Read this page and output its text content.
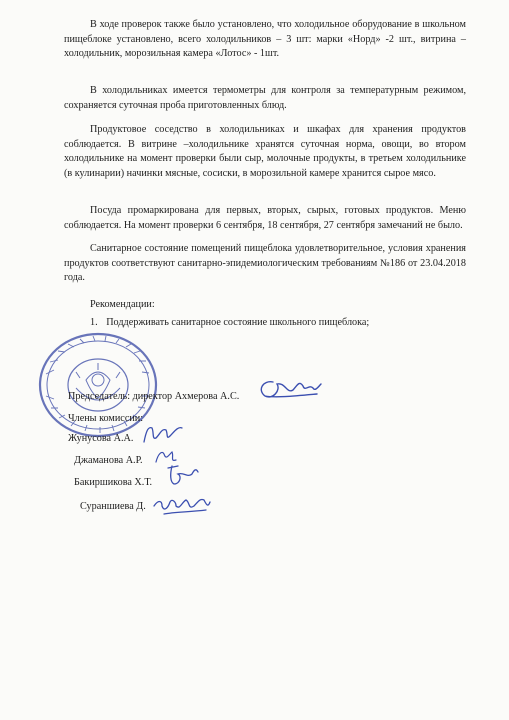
В ходе проверок также было установлено, что холодильное оборудование в школьном пищеблоке установлено, всего холодильников – 3 шт: марки «Норд» -2 шт., витрина –холодильник, морозильная камера «Лотос» - 1шт.

В холодильниках имеется термометры для контроля за температурным режимом, сохраняется суточная проба приготовленных блюд.

Продуктовое соседство в холодильниках и шкафах для хранения продуктов соблюдается. В витрине –холодильнике хранятся суточная норма, овощи, во втором холодильнике на момент проверки были сыр, молочные продукты, в третьем холодильнике (в кулинарии) начинки мясные, сосиски, в морозильной камере хранится сырое мясо.

Посуда промаркирована для первых, вторых, сырых, готовых продуктов. Меню соблюдается. На момент проверки 6 сентября, 18 сентября, 27 сентября замечаний не было.

Санитарное состояние помещений пищеблока удовлетворительное, условия хранения продуктов соответствуют санитарно-эпидемиологическим требованиям №186 от 23.04.2018 года.

Рекомендации:
1. Поддерживать санитарное состояние школьного пищеблока;
Председатель: директор Ахмерова А.С.
Члены комиссии:
Жунусова А.А.
Джаманова А.Р.
Бакиршикова Х.Т.
Сураншиева Д.
